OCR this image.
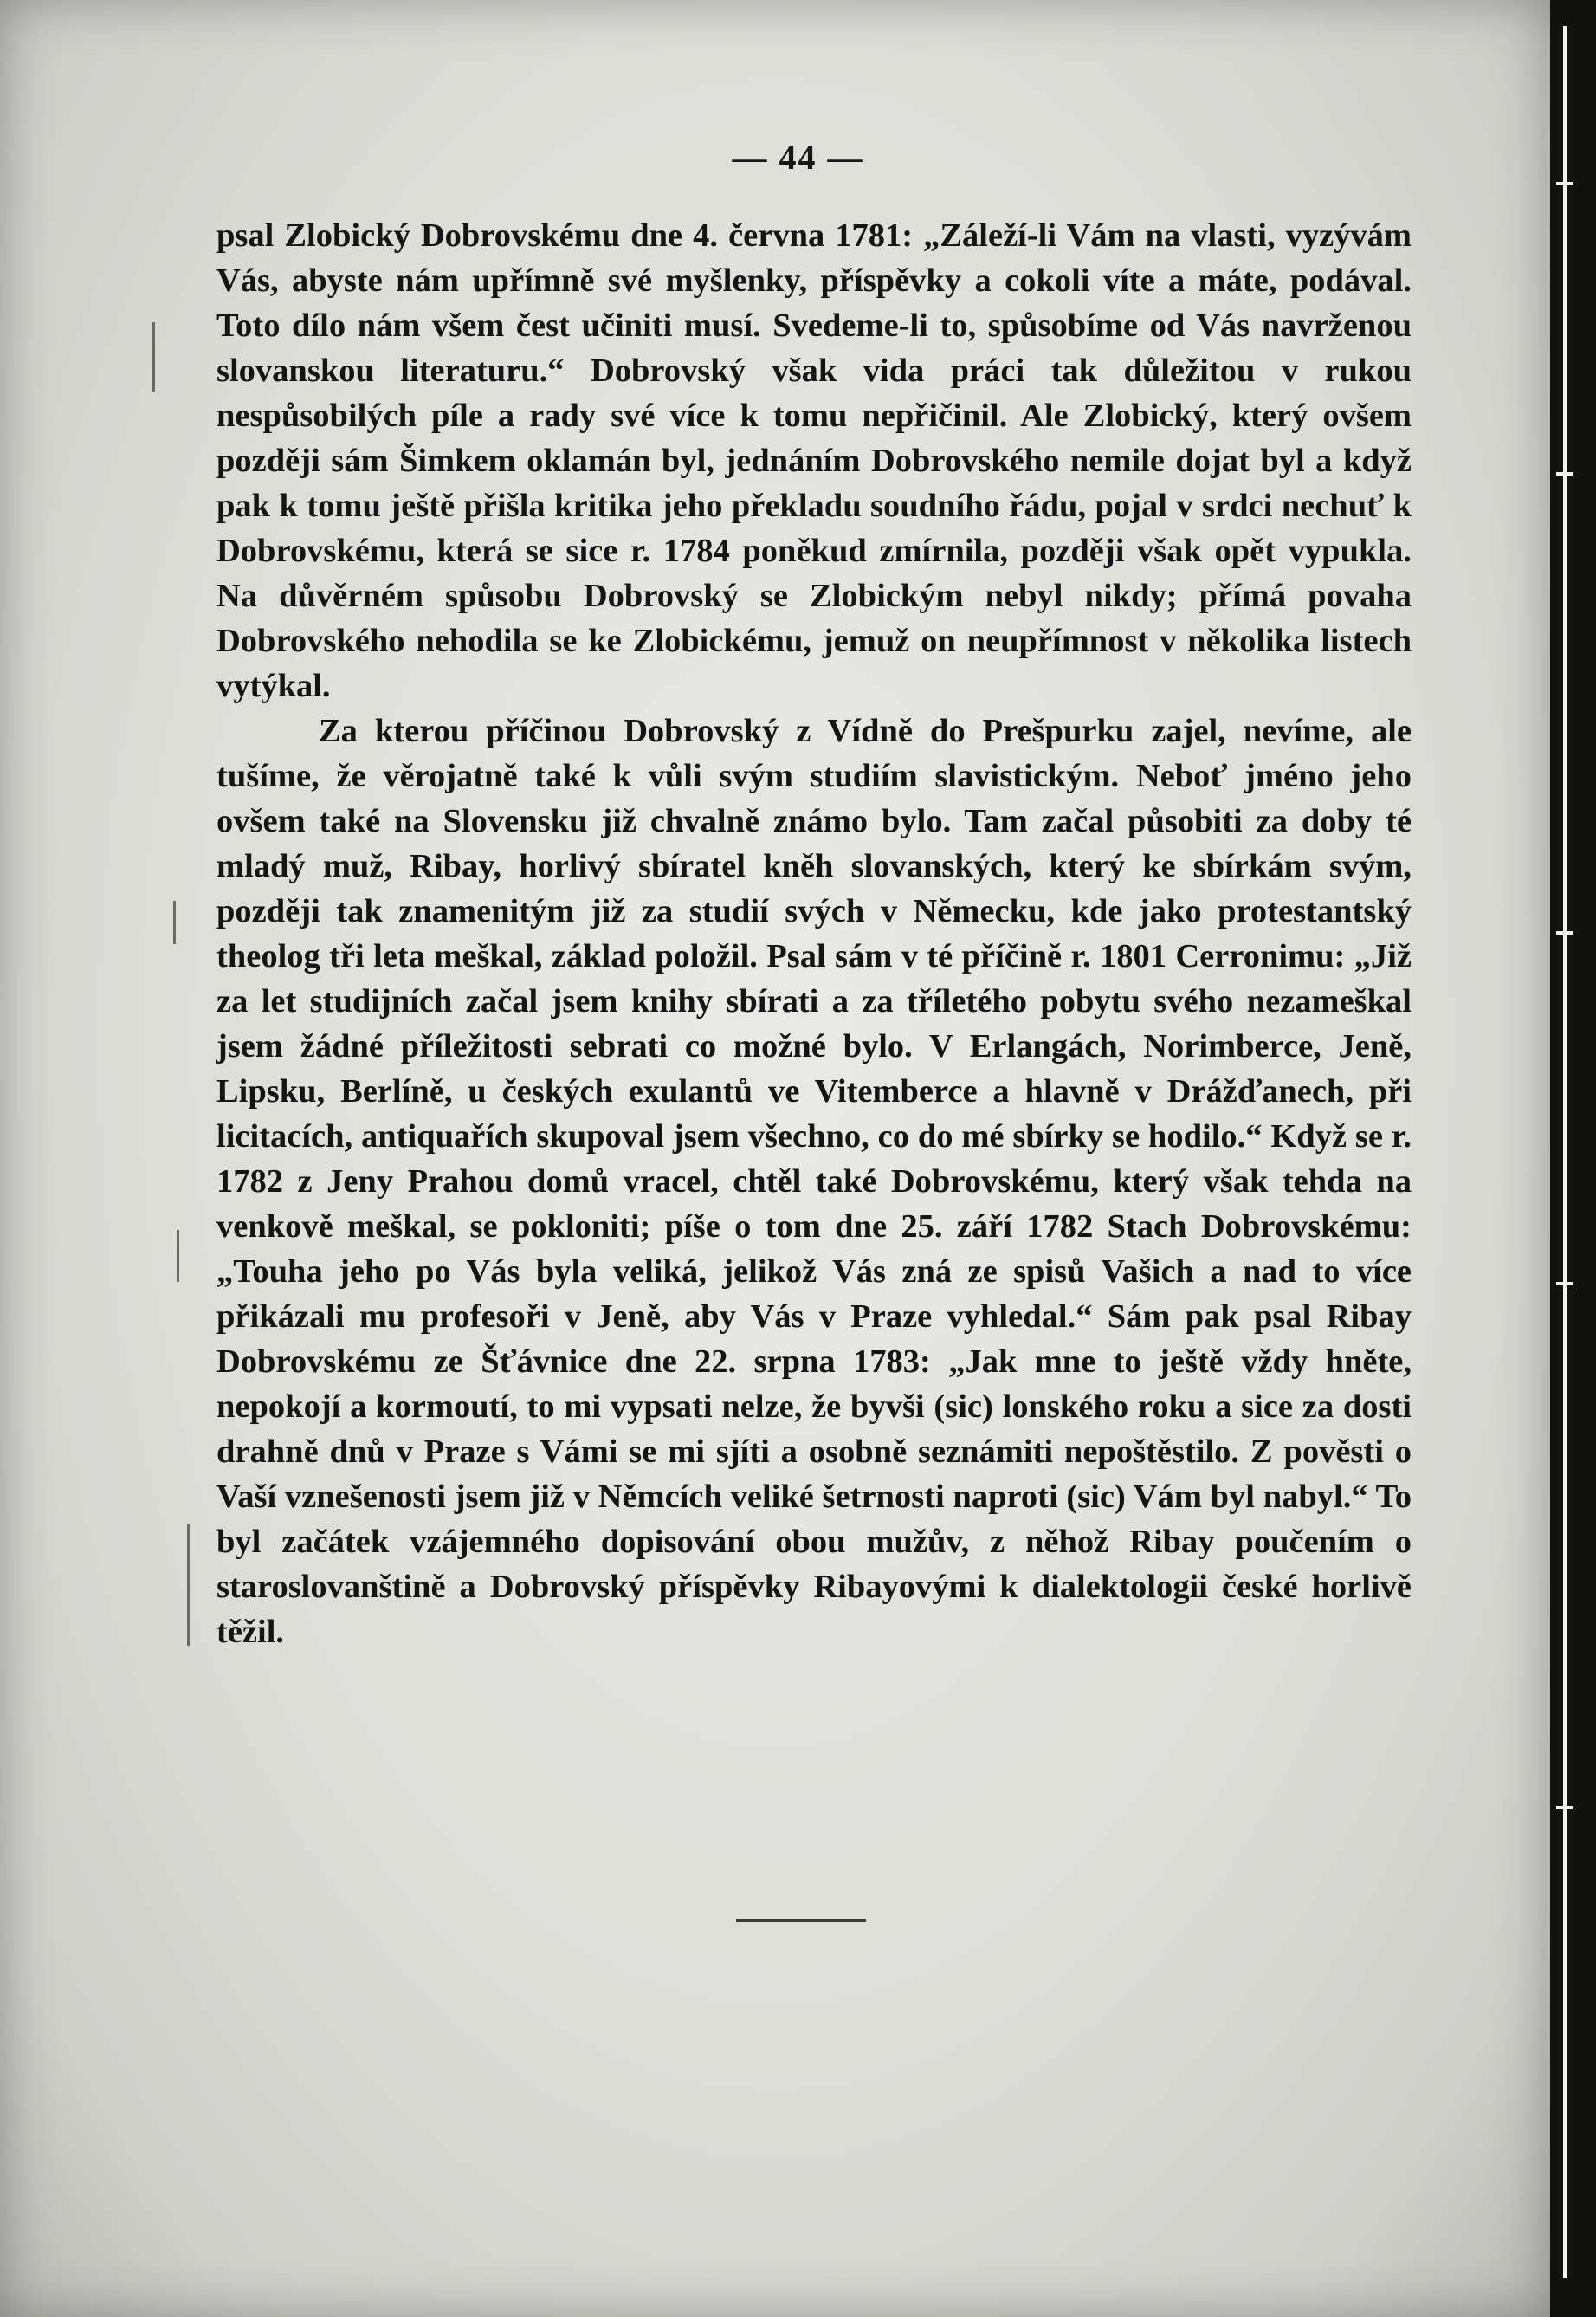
— 44 —

psal Zlobický Dobrovskému dne 4. června 1781: „Záleží-li Vám na vlasti, vyzývám Vás, abyste nám upřímně své myšlenky, příspěvky a cokoli víte a máte, podával. Toto dílo nám všem čest učiniti musí. Svedeme-li to, spůsobíme od Vás navrženou slovanskou literaturu.“ Dobrovský však vida práci tak důležitou v rukou nespůsobilých píle a rady své více k tomu nepřičinil. Ale Zlobický, který ovšem později sám Šimkem oklamán byl, jednáním Dobrovského nemile dojat byl a když pak k tomu ještě přišla kritika jeho překladu soudního řádu, pojal v srdci nechuť k Dobrovskému, která se sice r. 1784 poněkud zmírnila, později však opět vypukla. Na důvěrném spůsobu Dobrovský se Zlobickým nebyl nikdy; přímá povaha Dobrovského nehodila se ke Zlobickému, jemuž on neupřímnost v několika listech vytýkal.

Za kterou příčinou Dobrovský z Vídně do Prešpurku zajel, nevíme, ale tušíme, že věrojatně také k vůli svým studiím slavistickým. Neboť jméno jeho ovšem také na Slovensku již chvalně známo bylo. Tam začal působiti za doby té mladý muž, Ribay, horlivý sbíratel kněh slovanských, který ke sbírkám svým, později tak znamenitým již za studií svých v Německu, kde jako protestantský theolog tři leta meškal, základ položil. Psal sám v té příčině r. 1801 Cerronimu: „Již za let studijních začal jsem knihy sbírati a za tříletého pobytu svého nezameškal jsem žádné příležitosti sebrati co možné bylo. V Erlangách, Norimberce, Jeně, Lipsku, Berlíně, u českých exulantů ve Vitemberce a hlavně v Drážďanech, při licitacích, antiquařích skupoval jsem všechno, co do mé sbírky se hodilo.“ Když se r. 1782 z Jeny Prahou domů vracel, chtěl také Dobrovskému, který však tehda na venkově meškal, se pokloniti; píše o tom dne 25. září 1782 Stach Dobrovskému: „Touha jeho po Vás byla veliká, jelikož Vás zná ze spisů Vašich a nad to více přikázali mu profesoři v Jeně, aby Vás v Praze vyhledal.“ Sám pak psal Ribay Dobrovskému ze Šťávnice dne 22. srpna 1783: „Jak mne to ještě vždy hněte, nepokojí a kormoutí, to mi vypsati nelze, že byvši (sic) lonského roku a sice za dosti drahně dnů v Praze s Vámi se mi sjíti a osobně seznámiti nepoštěstilo. Z pověsti o Vaší vznešenosti jsem již v Němcích veliké šetrnosti naproti (sic) Vám byl nabyl.“ To byl začátek vzájemného dopisování obou mužův, z něhož Ribay poučením o staroslovanštině a Dobrovský příspěvky Ribayovými k dialektologii české horlivě těžil.
